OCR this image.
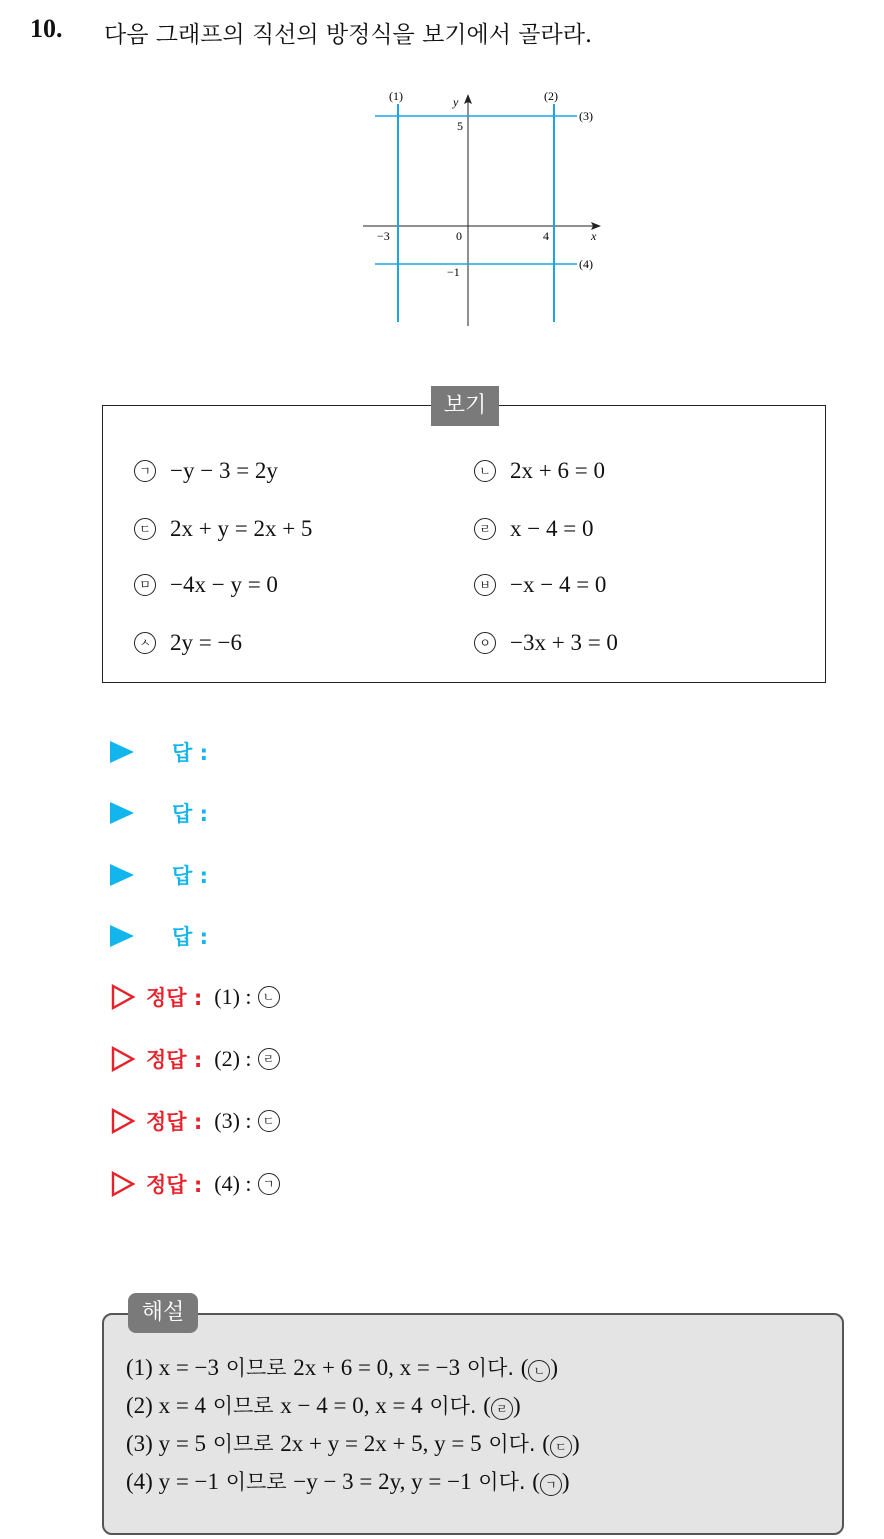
10. 다음 그래프의 직선의 방정식을 보기에서 골라라.
(1)	(2)
(3)
(4)
y
x
5
0
−3	4
−1
보기
ㄱ −y − 3 = 2y	ㄴ 2x + 6 = 0
ㄷ 2x + y = 2x + 5	ㄹ x − 4 = 0
ㅁ −4x − y = 0	ㅂ −x − 4 = 0
ㅅ 2y = −6	ㅇ −3x + 3 = 0
답 :
답 :
답 :
답 :
정답 : (1) : ㄴ
정답 : (2) : ㄹ
정답 : (3) : ㄷ
정답 : (4) : ㄱ
해설
(1) x = −3 이므로 2x + 6 = 0, x = −3 이다. ( ㄴ )
(2) x = 4 이므로 x − 4 = 0, x = 4 이다. ( ㄹ )
(3) y = 5 이므로 2x + y = 2x + 5, y = 5 이다. ( ㄷ )
(4) y = −1 이므로 −y − 3 = 2y, y = −1 이다. ( ㄱ )
